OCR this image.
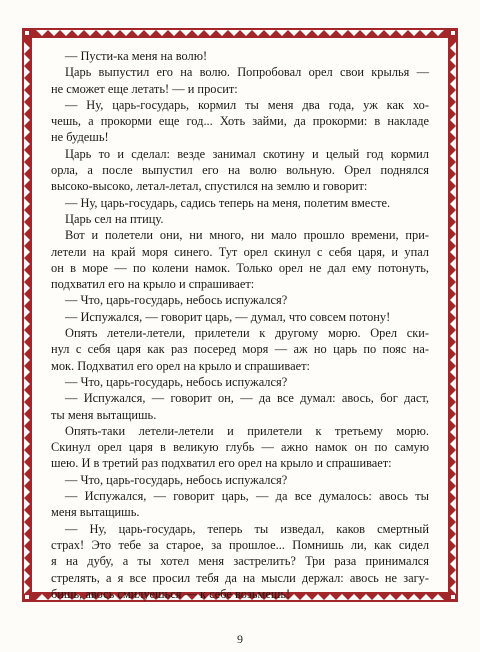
— Пусти-ка меня на волю!
Царь выпустил его на волю. Попробовал орел свои крылья —
не сможет еще летать! — и просит:
— Ну, царь-государь, кормил ты меня два года, уж как хо-
чешь, а прокорми еще год... Хоть займи, да прокорми: в накладе
не будешь!
Царь то и сделал: везде занимал скотину и целый год кормил
орла, а после выпустил его на волю вольную. Орел поднялся
высоко-высоко, летал-летал, спустился на землю и говорит:
— Ну, царь-государь, садись теперь на меня, полетим вместе.
Царь сел на птицу.
Вот и полетели они, ни много, ни мало прошло времени, при-
летели на край моря синего. Тут орел скинул с себя царя, и упал
он в море — по колени намок. Только орел не дал ему потонуть,
подхватил его на крыло и спрашивает:
— Что, царь-государь, небось испужался?
— Испужался, — говорит царь, — думал, что совсем потону!
Опять летели-летели, прилетели к другому морю. Орел ски-
нул с себя царя как раз посеред моря — аж но царь по пояс на-
мок. Подхватил его орел на крыло и спрашивает:
— Что, царь-государь, небось испужался?
— Испужался, — говорит он, — да все думал: авось, бог даст,
ты меня вытащишь.
Опять-таки летели-летели и прилетели к третьему морю.
Скинул орел царя в великую глубь — ажно намок он по самую
шею. И в третий раз подхватил его орел на крыло и спрашивает:
— Что, царь-государь, небось испужался?
— Испужался, — говорит царь, — да все думалось: авось ты
меня вытащишь.
— Ну, царь-государь, теперь ты изведал, каков смертный
страх! Это тебе за старое, за прошлое... Помнишь ли, как сидел
я на дубу, а ты хотел меня застрелить? Три раза принимался
стрелять, а я все просил тебя да на мысли держал: авось не загу-
бишь, авось смилуешься — к себе возьмешь!
9
